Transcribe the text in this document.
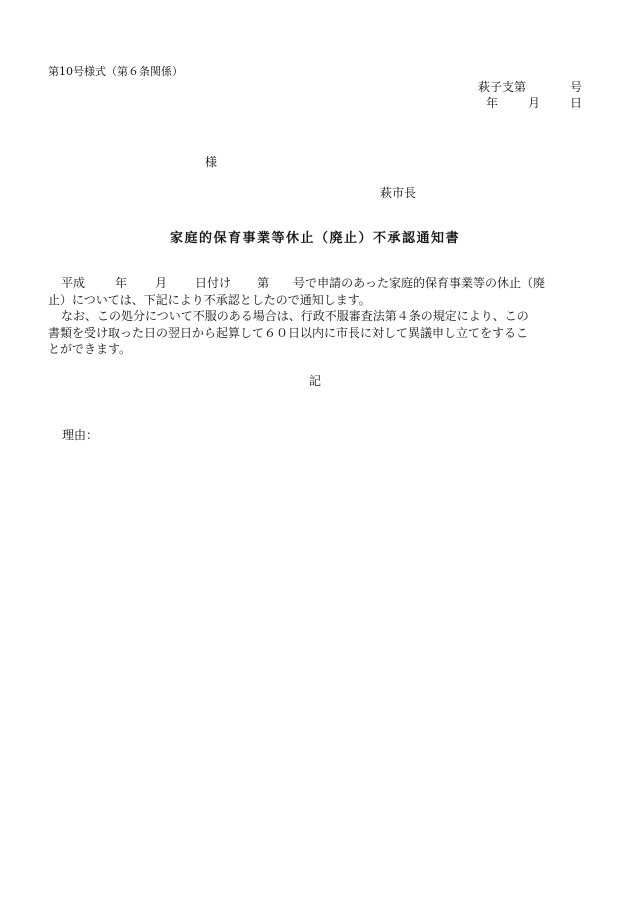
第10号様式（第６条関係）
萩子支第	号
年 月 日
様
萩市長
家庭的保育事業等休止（廃止）不承認通知書
平成	年 月 日付け 第 号で申請のあった家庭的保育事業等の休止（廃
止）については、下記により不承認としたので通知します。
なお、この処分について不服のある場合は、行政不服審査法第４条の規定により、この
書類を受け取った日の翌日から起算して６０日以内に市長に対して異議申し立てをするこ
とができます。
記
理由：
